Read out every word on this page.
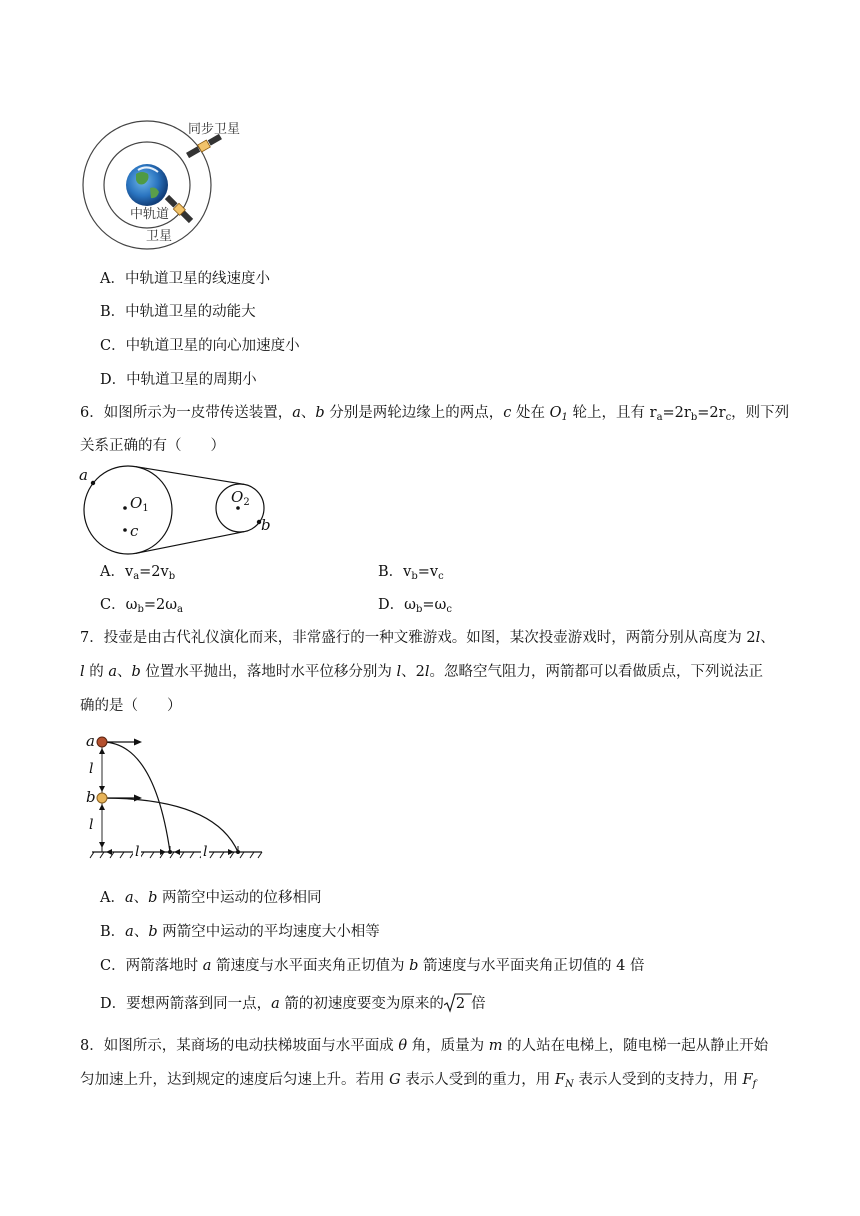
同步卫星
中轨道
卫星
A．中轨道卫星的线速度小
B．中轨道卫星的动能大
C．中轨道卫星的向心加速度小
D．中轨道卫星的周期小
6．如图所示为一皮带传送装置，a、b 分别是两轮边缘上的两点，c 处在 $O_1$ 轮上，且有 $r_a=2r_b=2r_c$，则下列
关系正确的有（　　）
a
$O_1$
c
$O_2$
b
A．$v_a=2v_b$	B．$v_b=v_c$
C．$\omega_b=2\omega_a$	D．$\omega_b=\omega_c$
7．投壶是由古代礼仪演化而来，非常盛行的一种文雅游戏。如图，某次投壶游戏时，两箭分别从高度为 2l、
l 的 a、b 位置水平抛出，落地时水平位移分别为 l、2l。忽略空气阻力，两箭都可以看做质点，下列说法正
确的是（　　）
a
b
l
l
l	l
A．a、b 两箭空中运动的位移相同
B．a、b 两箭空中运动的平均速度大小相等
C．两箭落地时 a 箭速度与水平面夹角正切值为 b 箭速度与水平面夹角正切值的 4 倍
D．要想两箭落到同一点，a 箭的初速度要变为原来的 2 倍
8．如图所示，某商场的电动扶梯坡面与水平面成 θ 角，质量为 m 的人站在电梯上，随电梯一起从静止开始
匀加速上升，达到规定的速度后匀速上升。若用 G 表示人受到的重力，用 $F_N$ 表示人受到的支持力，用 $F_f$
